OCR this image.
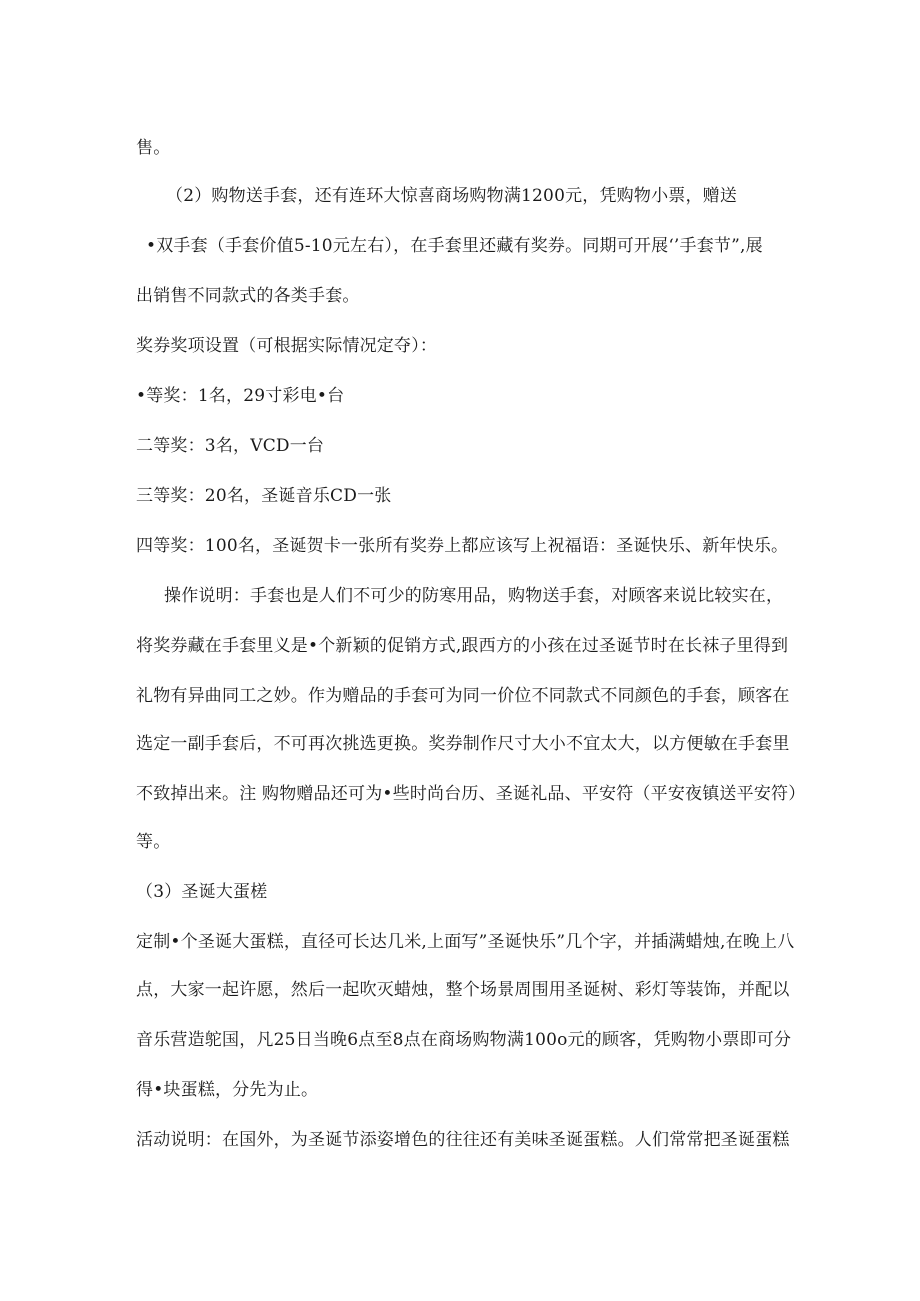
售。

（2）购物送手套，还有连环大惊喜商场购物满1200元，凭购物小票，赠送

•双手套（手套价值5-10元左右），在手套里还藏有奖券。同期可开展‘’手套节”,展

出销售不同款式的各类手套。

奖券奖项设置（可根据实际情况定夺）：

•等奖：1名，29寸彩电•台

二等奖：3名，VCD一台

三等奖：20名，圣诞音乐CD一张

四等奖：100名，圣诞贺卡一张所有奖券上都应该写上祝福语：圣诞快乐、新年快乐。

操作说明：手套也是人们不可少的防寒用品，购物送手套，对顾客来说比较实在，

将奖券藏在手套里义是•个新颖的促销方式,跟西方的小孩在过圣诞节时在长袜子里得到

礼物有异曲同工之妙。作为赠品的手套可为同一价位不同款式不同颜色的手套，顾客在

选定一副手套后，不可再次挑选更换。奖券制作尺寸大小不宜太大，以方便敏在手套里

不致掉出来。注 购物赠品还可为•些时尚台历、圣诞礼品、平安符（平安夜镇送平安符）

等。

（3）圣诞大蛋槎

定制•个圣诞大蛋糕，直径可长达几米,上面写”圣诞快乐”几个字，并插满蜡烛,在晚上八

点，大家一起许愿，然后一起吹灭蜡烛，整个场景周围用圣诞树、彩灯等装饰，并配以

音乐营造鸵国，凡25日当晚6点至8点在商场购物满100o元的顾客，凭购物小票即可分

得•块蛋糕，分先为止。

活动说明：在国外，为圣诞节添姿增色的往往还有美味圣诞蛋糕。人们常常把圣诞蛋糕
